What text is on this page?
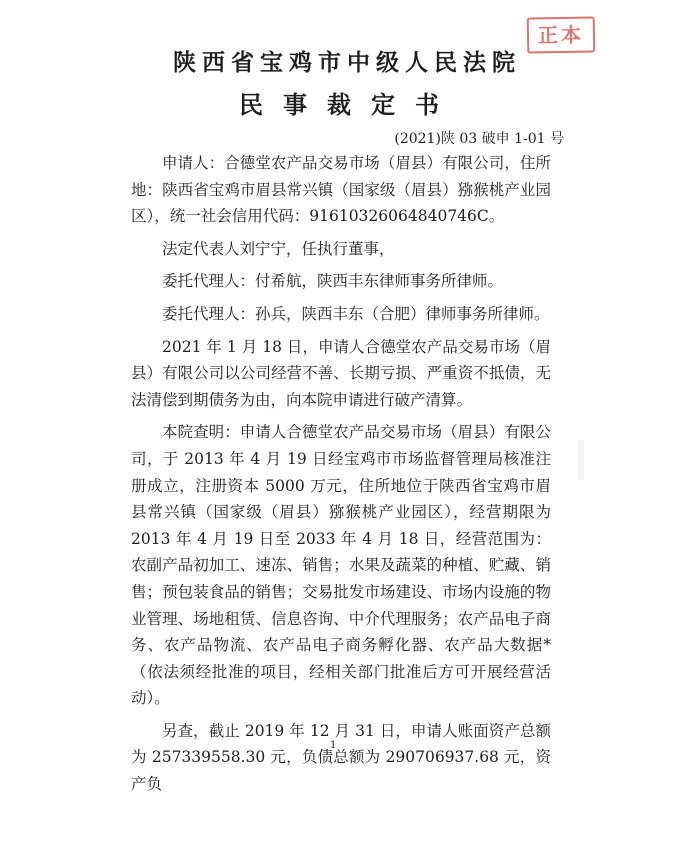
正本
陕西省宝鸡市中级人民法院
民事裁定书
(2021)陕 03 破申 1-01 号

申请人：合德堂农产品交易市场（眉县）有限公司，住所地：陕西省宝鸡市眉县常兴镇（国家级（眉县）猕猴桃产业园区），统一社会信用代码：91610326064840746C。

法定代表人刘宁宁，任执行董事，

委托代理人：付希航，陕西丰东律师事务所律师。

委托代理人：孙兵，陕西丰东（合肥）律师事务所律师。

2021 年 1 月 18 日，申请人合德堂农产品交易市场（眉县）有限公司以公司经营不善、长期亏损、严重资不抵债，无法清偿到期债务为由，向本院申请进行破产清算。

本院查明：申请人合德堂农产品交易市场（眉县）有限公司，于 2013 年 4 月 19 日经宝鸡市市场监督管理局核准注册成立，注册资本 5000 万元，住所地位于陕西省宝鸡市眉县常兴镇（国家级（眉县）猕猴桃产业园区），经营期限为 2013 年 4 月 19 日至 2033 年 4 月 18 日，经营范围为：农副产品初加工、速冻、销售；水果及蔬菜的种植、贮藏、销售；预包装食品的销售；交易批发市场建设、市场内设施的物业管理、场地租赁、信息咨询、中介代理服务；农产品电子商务、农产品物流、农产品电子商务孵化器、农产品大数据*（依法须经批准的项目，经相关部门批准后方可开展经营活动）。

另查，截止 2019 年 12 月 31 日，申请人账面资产总额为 257339558.30 元，负债总额为 290706937.68 元，资产负

1
